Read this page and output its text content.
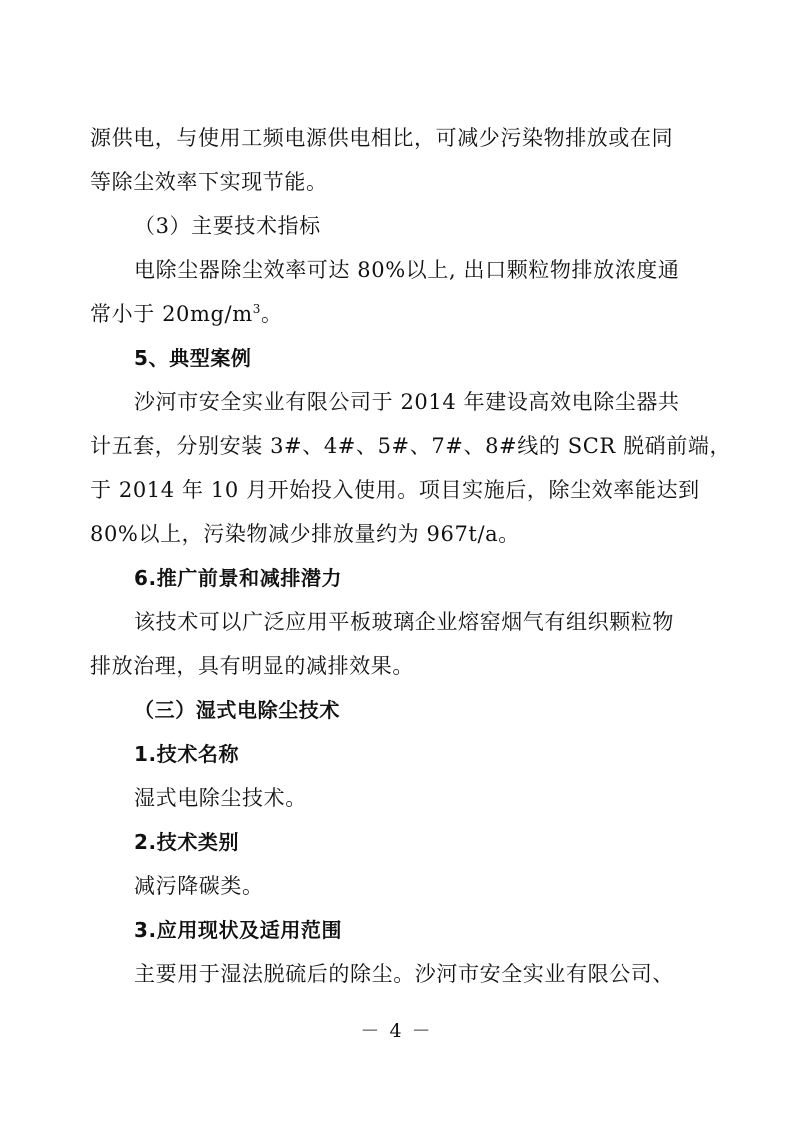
源供电，与使用工频电源供电相比，可减少污染物排放或在同
等除尘效率下实现节能。
（3）主要技术指标
电除尘器除尘效率可达 80%以上, 出口颗粒物排放浓度通
常小于 $20mg/m^3$。
5、典型案例
沙河市安全实业有限公司于 2014 年建设高效电除尘器共
计五套，分别安装 3#、4#、5#、7#、8#线的 SCR 脱硝前端，
于 2014 年 10 月开始投入使用。项目实施后，除尘效率能达到
80%以上，污染物减少排放量约为 967t/a。
6.推广前景和减排潜力
该技术可以广泛应用平板玻璃企业熔窑烟气有组织颗粒物
排放治理，具有明显的减排效果。
（三）湿式电除尘技术
1.技术名称
湿式电除尘技术。
2.技术类别
减污降碳类。
3.应用现状及适用范围
主要用于湿法脱硫后的除尘。沙河市安全实业有限公司、
－ 4 －
